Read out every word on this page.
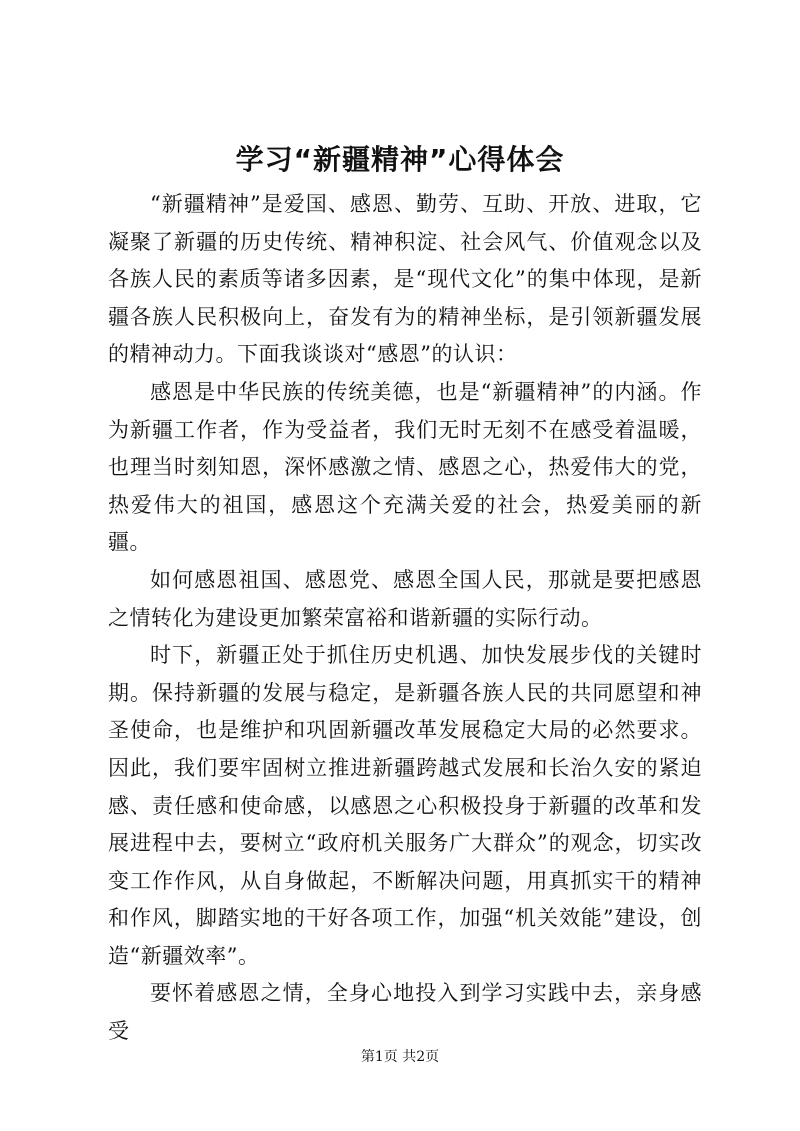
学习“新疆精神”心得体会

“新疆精神”是爱国、感恩、勤劳、互助、开放、进取，它凝聚了新疆的历史传统、精神积淀、社会风气、价值观念以及各族人民的素质等诸多因素，是“现代文化”的集中体现，是新疆各族人民积极向上，奋发有为的精神坐标，是引领新疆发展的精神动力。下面我谈谈对“感恩”的认识：

感恩是中华民族的传统美德，也是“新疆精神”的内涵。作为新疆工作者，作为受益者，我们无时无刻不在感受着温暖，也理当时刻知恩，深怀感激之情、感恩之心，热爱伟大的党，热爱伟大的祖国，感恩这个充满关爱的社会，热爱美丽的新疆。

如何感恩祖国、感恩党、感恩全国人民，那就是要把感恩之情转化为建设更加繁荣富裕和谐新疆的实际行动。

时下，新疆正处于抓住历史机遇、加快发展步伐的关键时期。保持新疆的发展与稳定，是新疆各族人民的共同愿望和神圣使命，也是维护和巩固新疆改革发展稳定大局的必然要求。因此，我们要牢固树立推进新疆跨越式发展和长治久安的紧迫感、责任感和使命感，以感恩之心积极投身于新疆的改革和发展进程中去，要树立“政府机关服务广大群众”的观念，切实改变工作作风，从自身做起，不断解决问题，用真抓实干的精神和作风，脚踏实地的干好各项工作，加强“机关效能”建设，创造“新疆效率”。

要怀着感恩之情，全身心地投入到学习实践中去，亲身感受

第1页 共2页
